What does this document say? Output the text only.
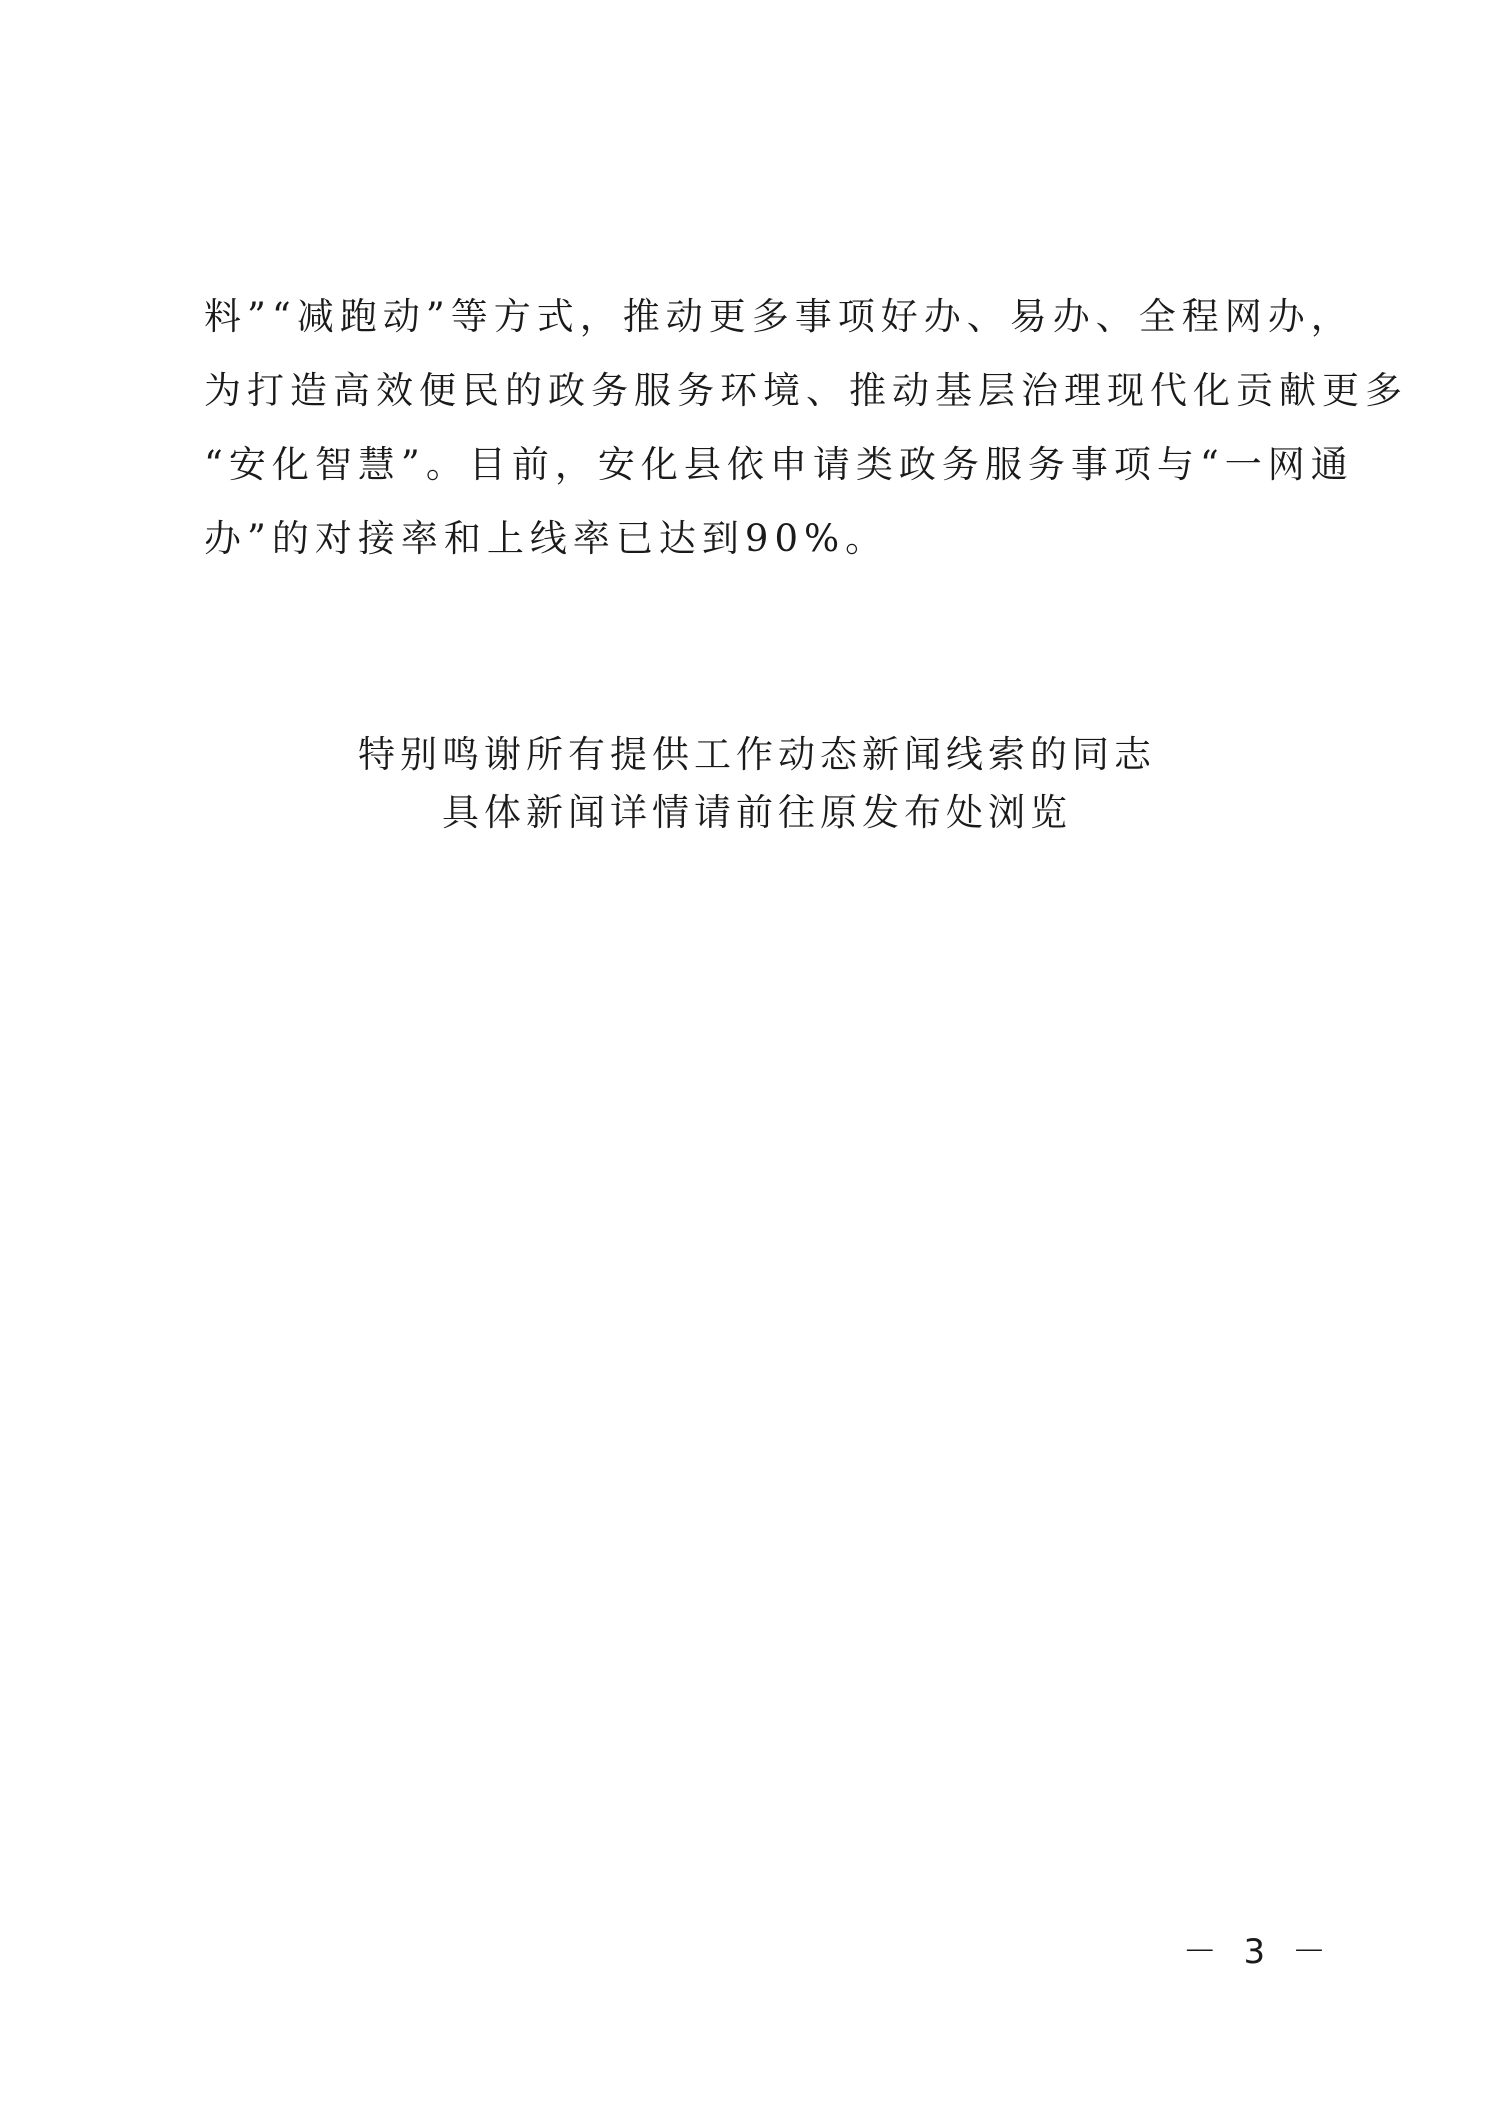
料”“减跑动”等方式，推动更多事项好办、易办、全程网办，
为打造高效便民的政务服务环境、推动基层治理现代化贡献更多
“安化智慧”。目前，安化县依申请类政务服务事项与“一网通
办”的对接率和上线率已达到90%。
特别鸣谢所有提供工作动态新闻线索的同志
具体新闻详情请前往原发布处浏览
－ 3 －
